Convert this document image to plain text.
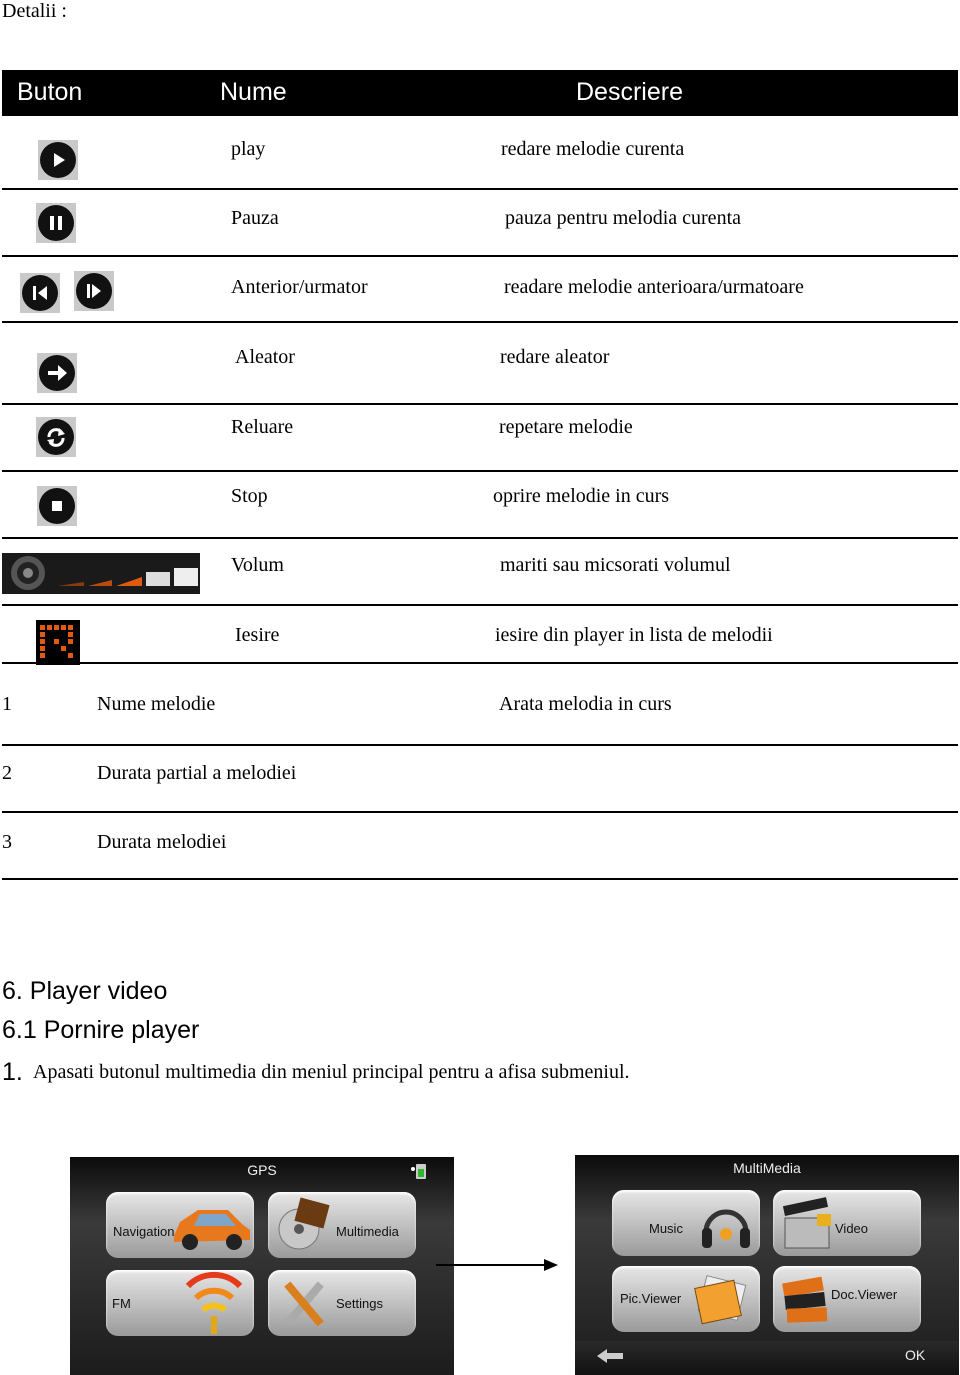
Detalii :
Buton	Nume	Descriere
play	redare melodie curenta
Pauza	pauza pentru melodia curenta
Anterior/urmator	readare melodie anterioara/urmatoare
Aleator	redare aleator
Reluare	repetare melodie
Stop	oprire melodie in curs
Volum	mariti sau micsorati volumul
Iesire	iesire din player in lista de melodii
1	Nume melodie	Arata melodia in curs
2	Durata partial a melodiei
3	Durata melodiei
6. Player video
6.1 Pornire player
1. Apasati butonul multimedia din meniul principal pentru a afisa submeniul.
GPS
Navigation	Multimedia
FM	Settings
MultiMedia
Music	Video
Pic.Viewer	Doc.Viewer
OK
